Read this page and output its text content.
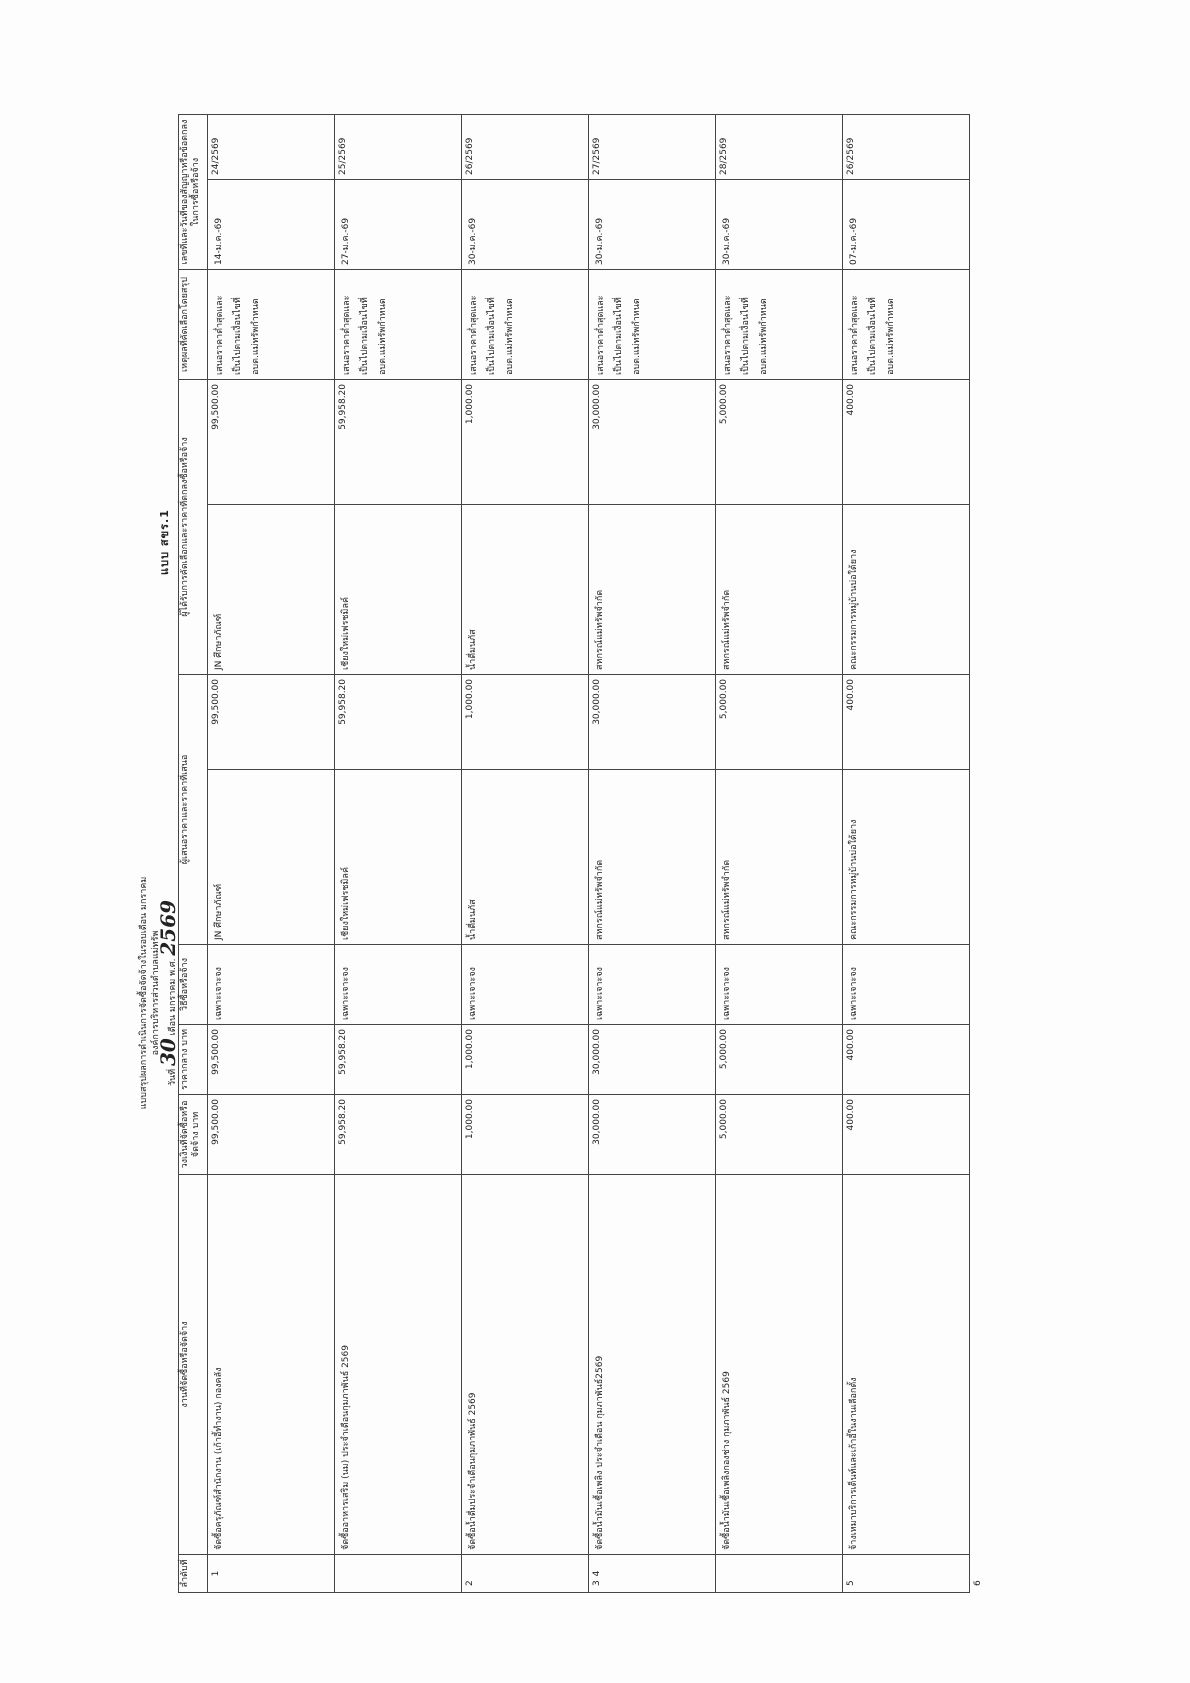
แบบ สขร.1
แบบสรุปผลการดำเนินการจัดซื้อจัดจ้างในรอบเดือน มกราคม องค์การบริหารส่วนตำบลแม่ทรัพ
วันที่ 30 เดือน มกราคม พ.ศ. 2569
ลำดับที่	งานที่จัดซื้อหรือจัดจ้าง	วงเงินที่จัดซื้อหรือจัดจ้าง บาท	ราคากลาง บาท	วิธีซื้อหรือจ้าง	ผู้เสนอราคาและราคาที่เสนอ		ผู้ได้รับการคัดเลือกและราคาที่ตกลงซื้อหรือจ้าง		เหตุผลที่คัดเลือกโดยสรุป	เลขที่และวันที่ของสัญญาหรือข้อตกลงในการซื้อหรือจ้าง	
1	จัดซื้อครุภัณฑ์สำนักงาน (เก้าอี้ทำงาน) กองคลัง	99,500.00	99,500.00	เฉพาะเจาะจง	JN ศึกษาภัณฑ์	99,500.00	JN ศึกษาภัณฑ์	99,500.00	เสนอราคาต่ำสุดและ เป็นไปตามเงื่อนไขที่ อบต.แม่ทรัพกำหนด	14-ม.ค.-69	24/2569

2	จัดซื้ออาหารเสริม (นม) ประจำเดือนกุมภาพันธ์ 2569	59,958.20	59,958.20	เฉพาะเจาะจง	เชียงใหม่เฟรชมิลค์	59,958.20	เชียงใหม่เฟรชมิลค์	59,958.20	เสนอราคาต่ำสุดและ เป็นไปตามเงื่อนไขที่ อบต.แม่ทรัพกำหนด	27-ม.ค.-69	25/2569

3	จัดซื้อน้ำดื่มประจำเดือนกุมภาพันธ์ 2569	1,000.00	1,000.00	เฉพาะเจาะจง	น้ำดื่มนภัส	1,000.00	น้ำดื่มนภัส	1,000.00	เสนอราคาต่ำสุดและ เป็นไปตามเงื่อนไขที่ อบต.แม่ทรัพกำหนด	30-ม.ค.-69	26/2569
4	จัดซื้อน้ำมันเชื้อเพลิง ประจำเดือน กุมภาพันธ์2569	30,000.00	30,000.00	เฉพาะเจาะจง	สหกรณ์แม่ทรัพจำกัด	30,000.00	สหกรณ์แม่ทรัพจำกัด	30,000.00	เสนอราคาต่ำสุดและ เป็นไปตามเงื่อนไขที่ อบต.แม่ทรัพกำหนด	30-ม.ค.-69	27/2569

5	จัดซื้อน้ำมันเชื้อเพลิงกองช่าง กุมภาพันธ์ 2569	5,000.00	5,000.00	เฉพาะเจาะจง	สหกรณ์แม่ทรัพจำกัด	5,000.00	สหกรณ์แม่ทรัพจำกัด	5,000.00	เสนอราคาต่ำสุดและ เป็นไปตามเงื่อนไขที่ อบต.แม่ทรัพกำหนด	30-ม.ค.-69	28/2569

6	จ้างเหมาบริการเต็นท์และเก้าอี้ในงานเลือกตั้ง	400.00	400.00	เฉพาะเจาะจง	คณะกรรมการหมู่บ้านบ่อใต้ยาง	400.00	คณะกรรมการหมู่บ้านบ่อใต้ยาง	400.00	เสนอราคาต่ำสุดและ เป็นไปตามเงื่อนไขที่ อบต.แม่ทรัพกำหนด	07-ม.ค.-69	26/2569
